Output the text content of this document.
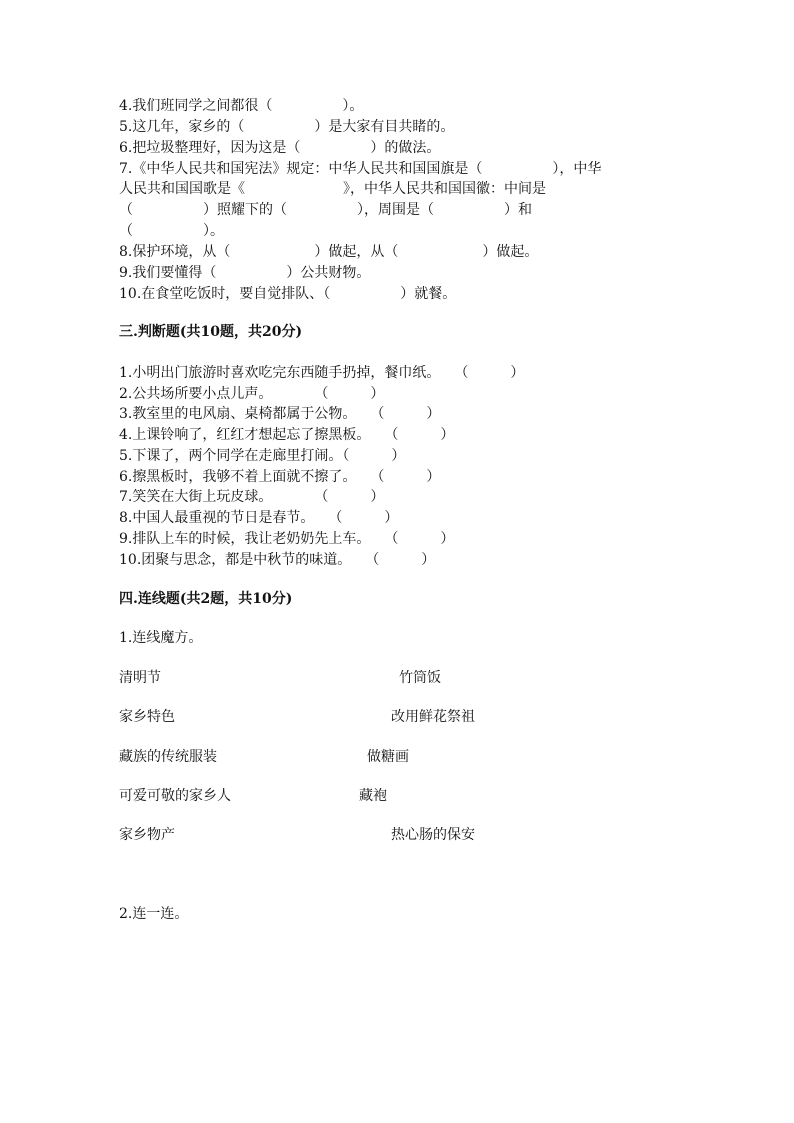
4.我们班同学之间都很（　　　　　）。
5.这几年，家乡的（　　　　　）是大家有目共睹的。
6.把垃圾整理好，因为这是（　　　　　）的做法。
7.《中华人民共和国宪法》规定：中华人民共和国国旗是（　　　　　），中华
人民共和国国歌是《　　　　　　　》，中华人民共和国国徽：中间是
（　　　　　）照耀下的（　　　　　），周围是（　　　　　）和
（　　　　　）。
8.保护环境，从（　　　　　　）做起，从（　　　　　　）做起。
9.我们要懂得（　　　　　）公共财物。
10.在食堂吃饭时，要自觉排队、（　　　　　）就餐。
三.判断题(共10题，共20分)
1.小明出门旅游时喜欢吃完东西随手扔掉，餐巾纸。　　（　　　）
2.公共场所要小点儿声。　　　　（　　　）
3.教室里的电风扇、桌椅都属于公物。　　（　　　）
4.上课铃响了，红红才想起忘了擦黑板。　　（　　　）
5.下课了，两个同学在走廊里打闹。（　　　）
6.擦黑板时，我够不着上面就不擦了。　　（　　　）
7.笑笑在大街上玩皮球。　　　　（　　　）
8.中国人最重视的节日是春节。　　（　　　）
9.排队上车的时候，我让老奶奶先上车。　　（　　　）
10.团聚与思念，都是中秋节的味道。　　（　　　）
四.连线题(共2题，共10分)
1.连线魔方。
清明节	竹筒饭
家乡特色	改用鲜花祭祖
藏族的传统服装	做糖画
可爱可敬的家乡人	藏袍
家乡物产	热心肠的保安
2.连一连。
